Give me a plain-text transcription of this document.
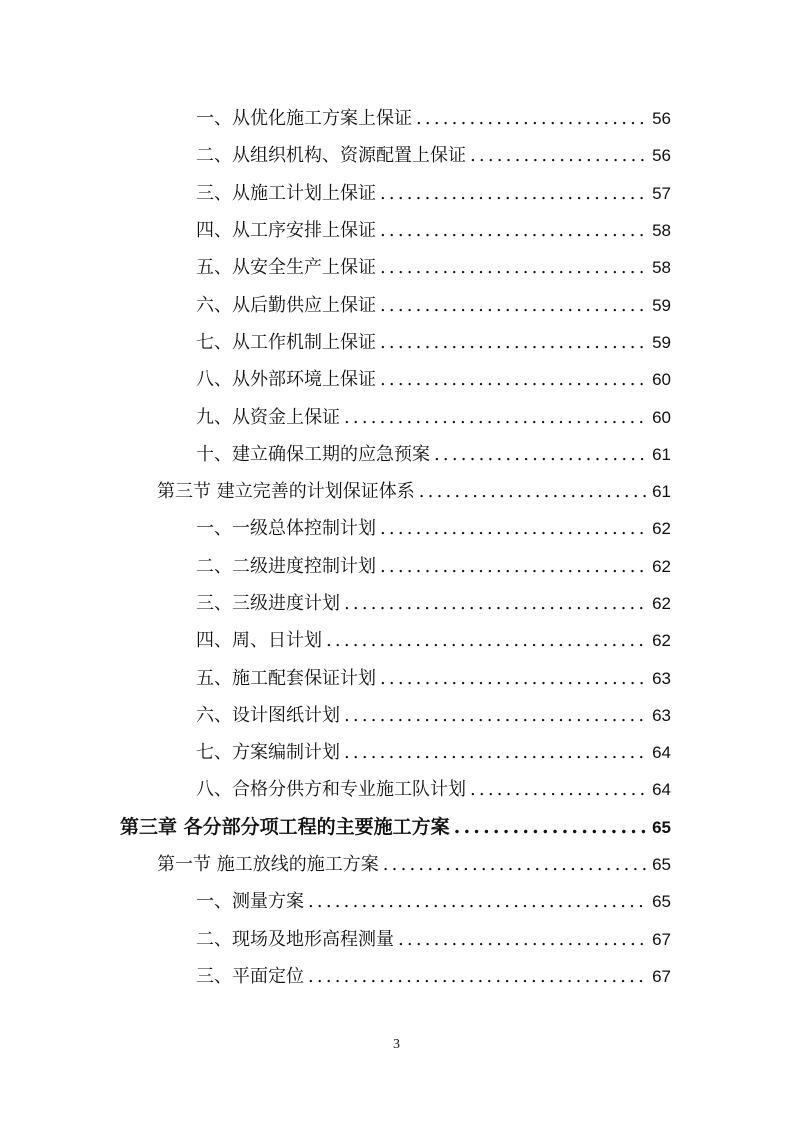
一、从优化施工方案上保证 .....	56
二、从组织机构、资源配置上保证 .....	56
三、从施工计划上保证 .....	57
四、从工序安排上保证 .....	58
五、从安全生产上保证 .....	58
六、从后勤供应上保证 .....	59
七、从工作机制上保证 .....	59
八、从外部环境上保证 .....	60
九、从资金上保证 .....	60
十、建立确保工期的应急预案 .....	61
第三节 建立完善的计划保证体系 .....	61
一、一级总体控制计划 .....	62
二、二级进度控制计划 .....	62
三、三级进度计划 .....	62
四、周、日计划 .....	62
五、施工配套保证计划 .....	63
六、设计图纸计划 .....	63
七、方案编制计划 .....	64
八、合格分供方和专业施工队计划 .....	64
第三章 各分部分项工程的主要施工方案 .....	65
第一节 施工放线的施工方案 .....	65
一、测量方案 .....	65
二、现场及地形高程测量 .....	67
三、平面定位 .....	67
3
